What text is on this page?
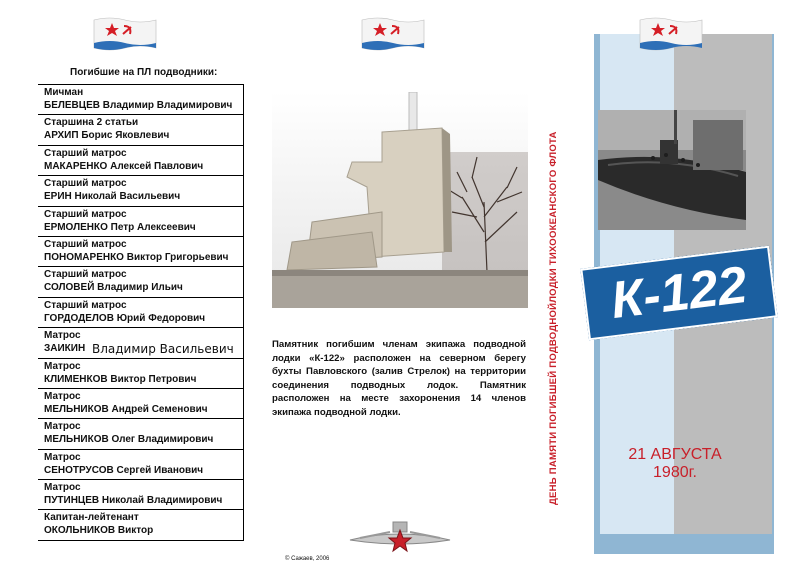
Погибшие на ПЛ подводники:
Мичман
БЕЛЕВЦЕВ Владимир Владимирович
Старшина 2 статьи
АРХИП Борис Яковлевич
Старший матрос
МАКАРЕНКО Алексей Павлович
Старший матрос
ЕРИН Николай Васильевич
Старший матрос
ЕРМОЛЕНКО Петр Алексеевич
Старший матрос
ПОНОМАРЕНКО Виктор Григорьевич
Старший матрос
СОЛОВЕЙ Владимир Ильич
Старший матрос
ГОРДОДЕЛОВ Юрий Федорович
Матрос
ЗАИКИН Владимир Васильевич
Матрос
КЛИМЕНКОВ Виктор Петрович
Матрос
МЕЛЬНИКОВ Андрей Семенович
Матрос
МЕЛЬНИКОВ Олег Владимирович
Матрос
СЕНОТРУСОВ Сергей Иванович
Матрос
ПУТИНЦЕВ Николай Владимирович
Капитан-лейтенант
ОКОЛЬНИКОВ Виктор
Памятник погибшим членам экипажа подводной лодки «К-122» расположен на северном берегу бухты Павловского (залив Стрелок) на территории соединения подводных лодок. Памятник расположен на месте захоронения 14 членов экипажа подводной лодки.
© Сажаев, 2006
К-122
21 АВГУСТА
1980г.
ДЕНЬ ПАМЯТИ ПОГИБШЕЙ ПОДВОДНОЙЛОДКИ ТИХООКЕАНСКОГО ФЛОТА
